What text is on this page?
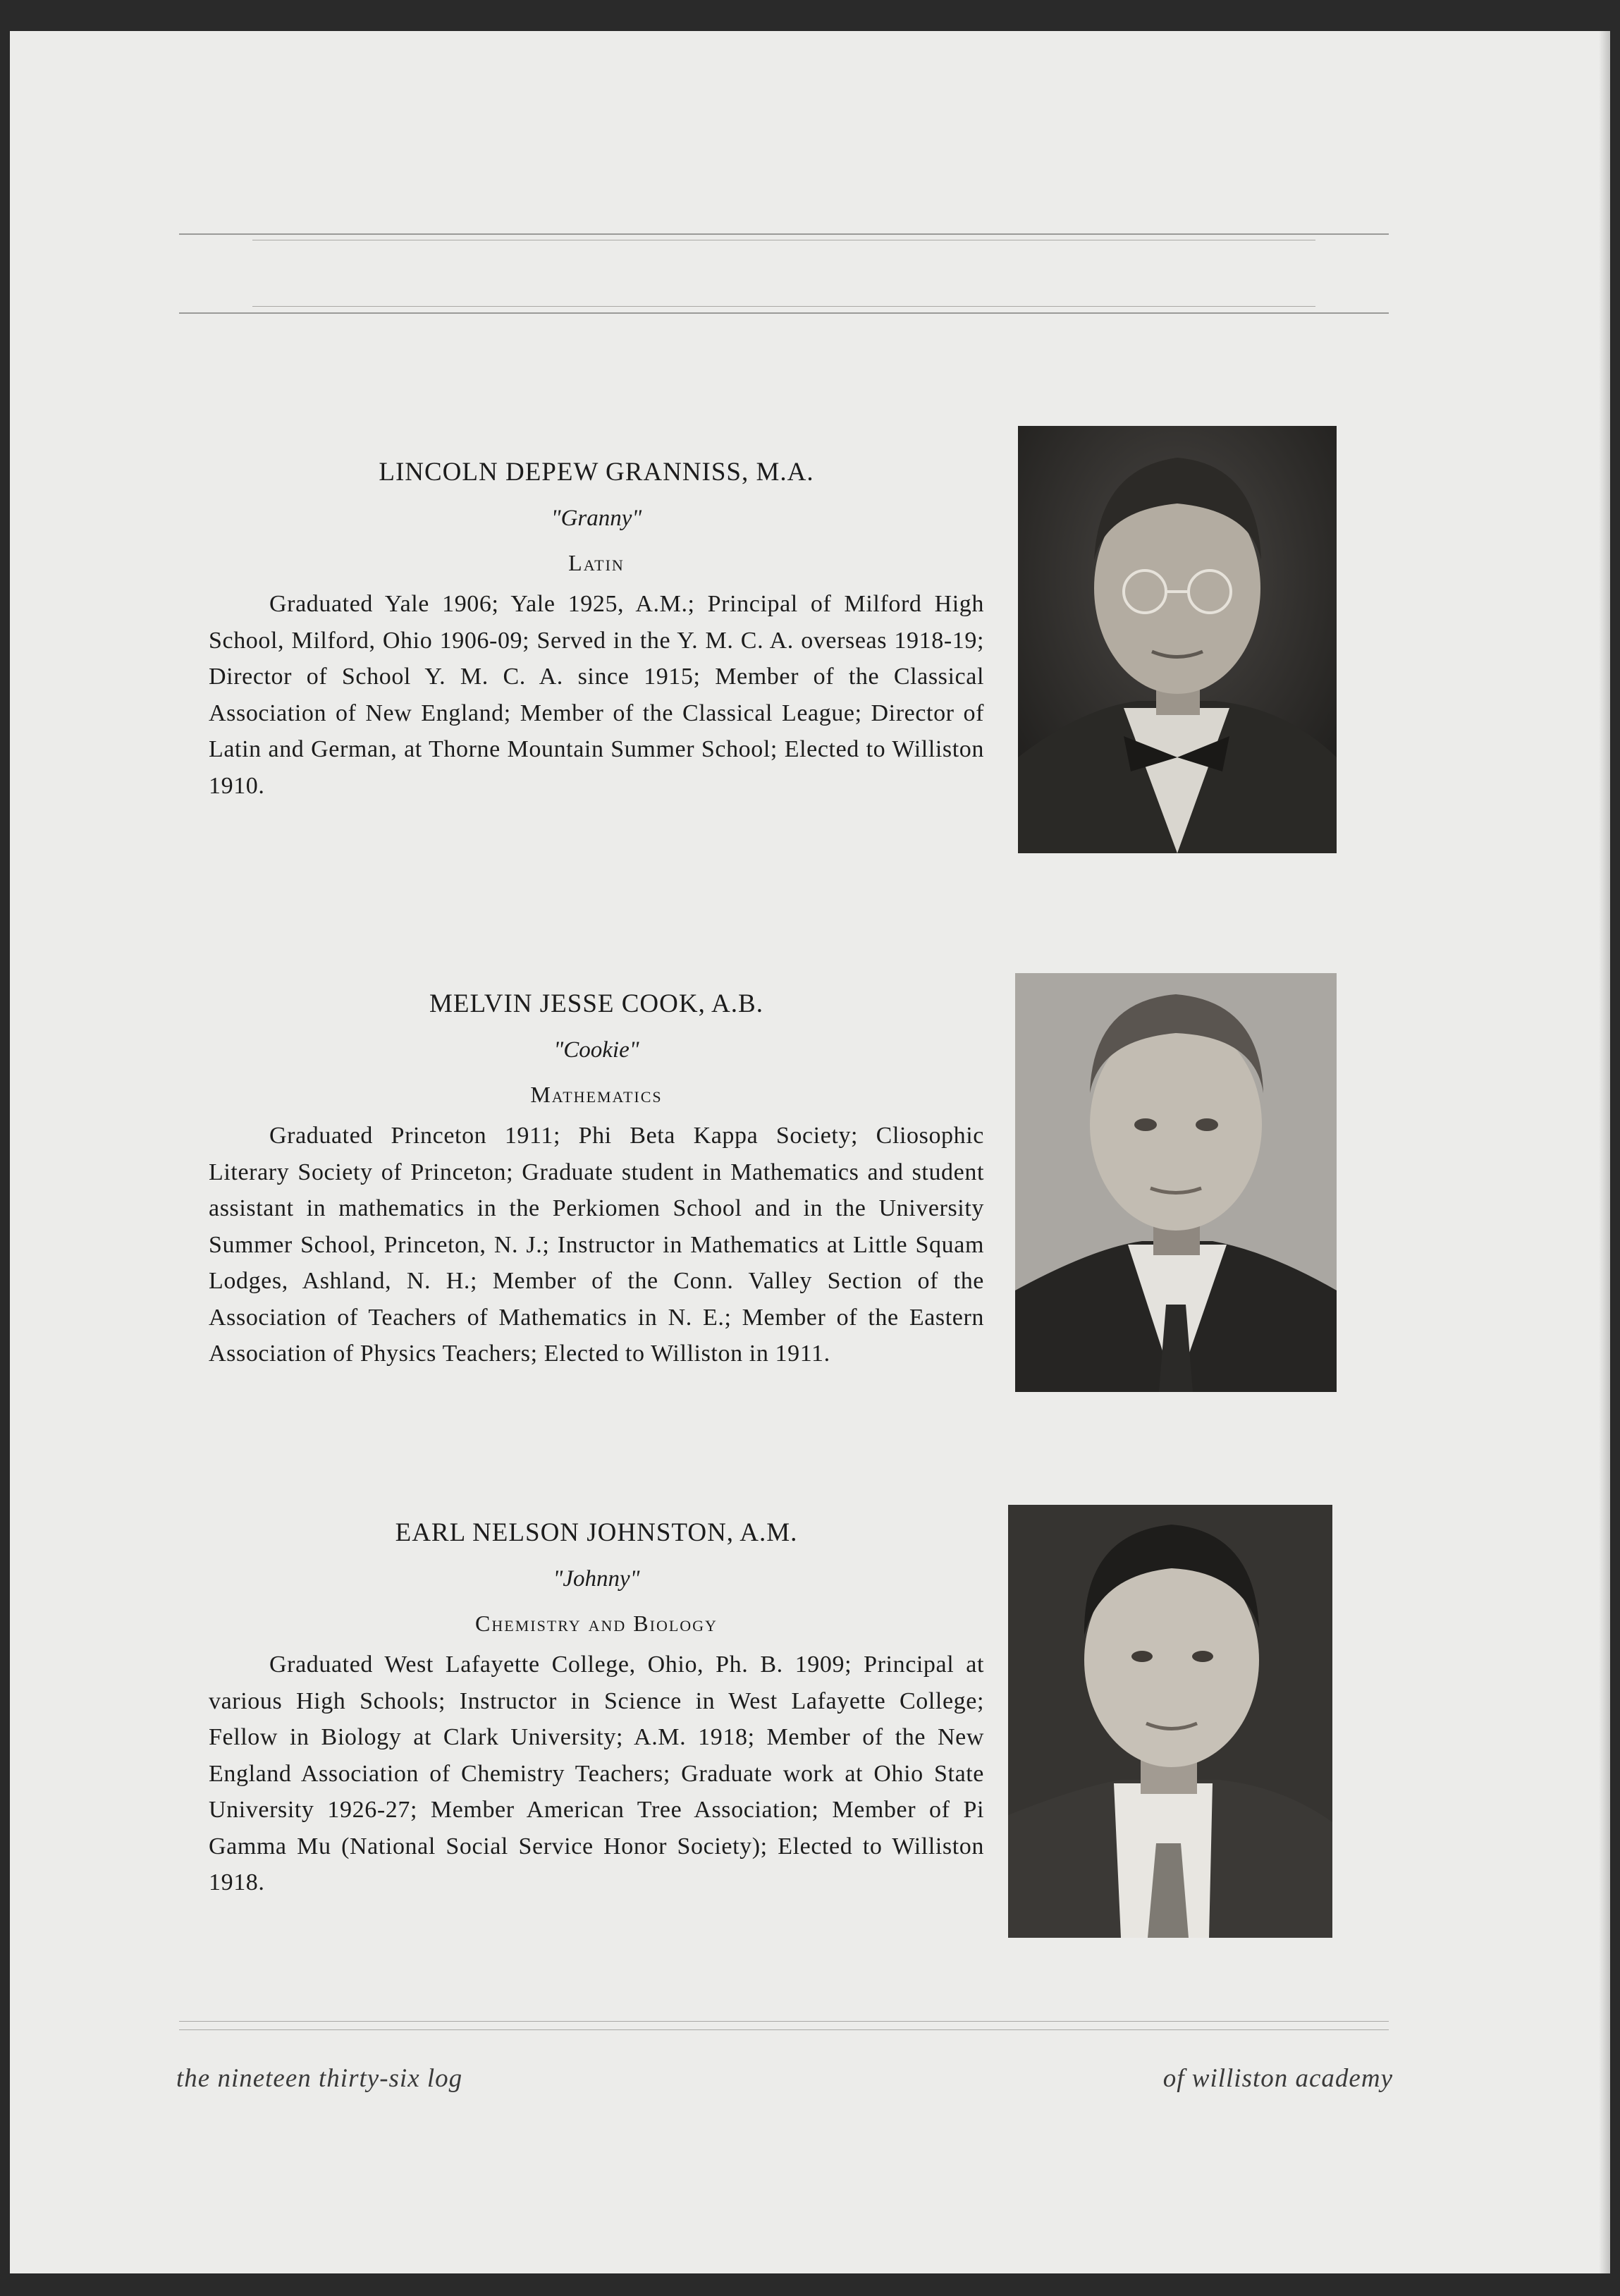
LINCOLN DEPEW GRANNISS, M.A.

"Granny"

Latin

Graduated Yale 1906; Yale 1925, A.M.; Principal of Milford High School, Milford, Ohio 1906-09; Served in the Y. M. C. A. overseas 1918-19; Director of School Y. M. C. A. since 1915; Member of the Classical Association of New England; Member of the Classical League; Director of Latin and German, at Thorne Mountain Summer School; Elected to Williston 1910.

MELVIN JESSE COOK, A.B.

"Cookie"

Mathematics

Graduated Princeton 1911; Phi Beta Kappa Society; Cliosophic Literary Society of Princeton; Graduate student in Mathematics and student assistant in mathematics in the Perkiomen School and in the University Summer School, Princeton, N. J.; Instructor in Mathematics at Little Squam Lodges, Ashland, N. H.; Member of the Conn. Valley Section of the Association of Teachers of Mathematics in N. E.; Member of the Eastern Association of Physics Teachers; Elected to Williston in 1911.

EARL NELSON JOHNSTON, A.M.

"Johnny"

Chemistry and Biology

Graduated West Lafayette College, Ohio, Ph. B. 1909; Principal at various High Schools; Instructor in Science in West Lafayette College; Fellow in Biology at Clark University; A.M. 1918; Member of the New England Association of Chemistry Teachers; Graduate work at Ohio State University 1926-27; Member American Tree Association; Member of Pi Gamma Mu (National Social Service Honor Society); Elected to Williston 1918.

the nineteen thirty-six log	of williston academy
